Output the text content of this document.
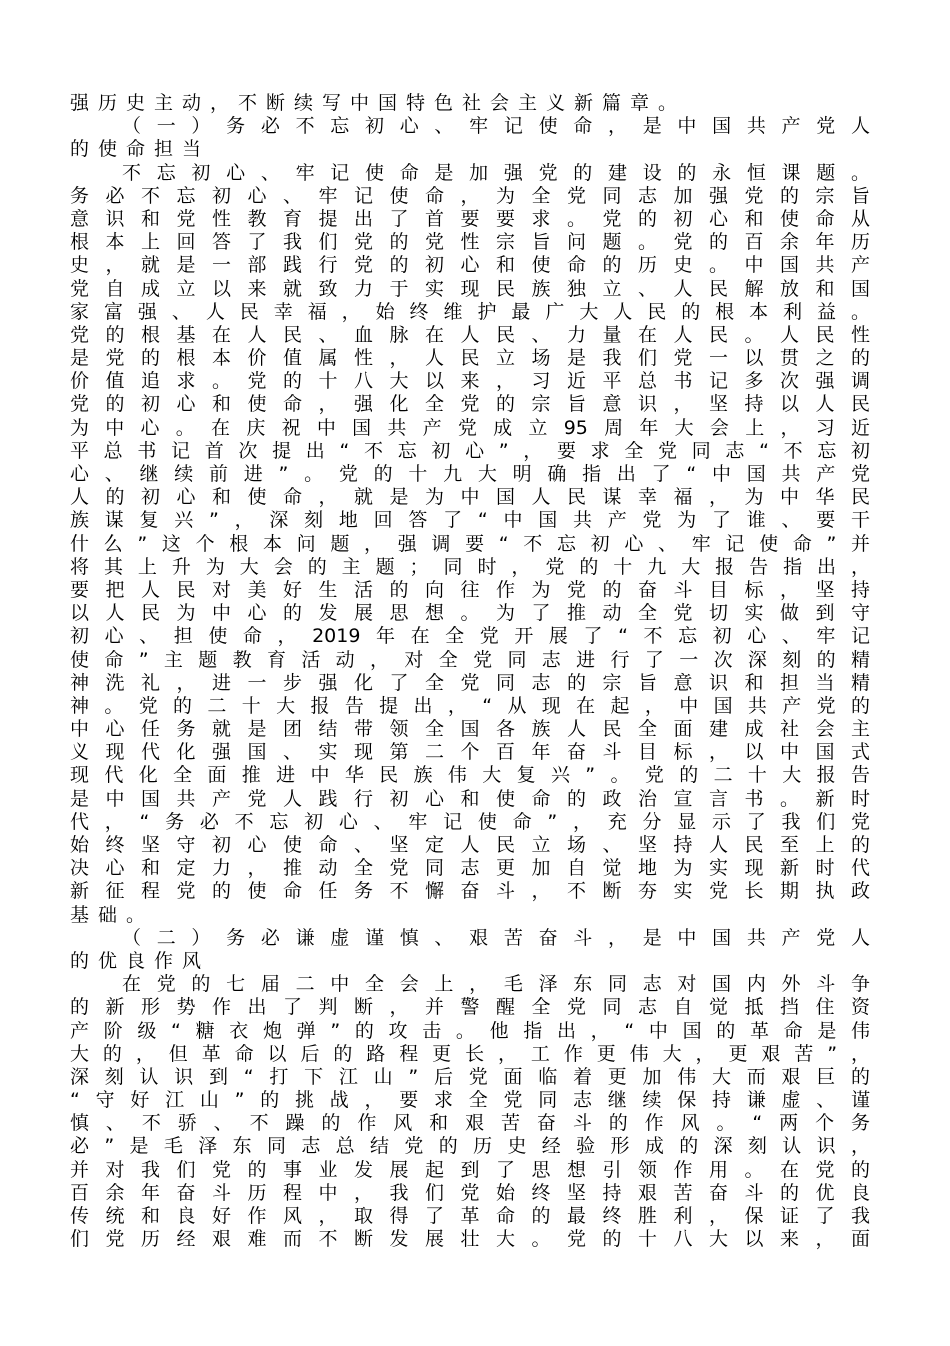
强历史主动，不断续写中国特色社会主义新篇章。
（一）务必不忘初心、牢记使命，是中国共产党人
的使命担当
不忘初心、牢记使命是加强党的建设的永恒课题。
务必不忘初心、牢记使命，为全党同志加强党的宗旨
意识和党性教育提出了首要要求。党的初心和使命从
根本上回答了我们党的党性宗旨问题。党的百余年历
史，就是一部践行党的初心和使命的历史。中国共产
党自成立以来就致力于实现民族独立、人民解放和国
家富强、人民幸福，始终维护最广大人民的根本利益。
党的根基在人民、血脉在人民、力量在人民。人民性
是党的根本价值属性，人民立场是我们党一以贯之的
价值追求。党的十八大以来，习近平总书记多次强调
党的初心和使命，强化全党的宗旨意识，坚持以人民
为中心。在庆祝中国共产党成立95周年大会上，习近
平总书记首次提出“不忘初心”，要求全党同志“不忘初
心、继续前进”。党的十九大明确指出了“中国共产党
人的初心和使命，就是为中国人民谋幸福，为中华民
族谋复兴”，深刻地回答了“中国共产党为了谁、要干
什么”这个根本问题，强调要“不忘初心、牢记使命”并
将其上升为大会的主题；同时，党的十九大报告指出，
要把人民对美好生活的向往作为党的奋斗目标，坚持
以人民为中心的发展思想。为了推动全党切实做到守
初心、担使命，2019年在全党开展了“不忘初心、牢记
使命”主题教育活动，对全党同志进行了一次深刻的精
神洗礼，进一步强化了全党同志的宗旨意识和担当精
神。党的二十大报告提出，“从现在起，中国共产党的
中心任务就是团结带领全国各族人民全面建成社会主
义现代化强国、实现第二个百年奋斗目标，以中国式
现代化全面推进中华民族伟大复兴”。党的二十大报告
是中国共产党人践行初心和使命的政治宣言书。新时
代，“务必不忘初心、牢记使命”，充分显示了我们党
始终坚守初心使命、坚定人民立场、坚持人民至上的
决心和定力，推动全党同志更加自觉地为实现新时代
新征程党的使命任务不懈奋斗，不断夯实党长期执政
基础。
（二）务必谦虚谨慎、艰苦奋斗，是中国共产党人
的优良作风
在党的七届二中全会上，毛泽东同志对国内外斗争
的新形势作出了判断，并警醒全党同志自觉抵挡住资
产阶级“糖衣炮弹”的攻击。他指出，“中国的革命是伟
大的，但革命以后的路程更长，工作更伟大，更艰苦”，
深刻认识到“打下江山”后党面临着更加伟大而艰巨的
“守好江山”的挑战，要求全党同志继续保持谦虚、谨
慎、不骄、不躁的作风和艰苦奋斗的作风。“两个务
必”是毛泽东同志总结党的历史经验形成的深刻认识，
并对我们党的事业发展起到了思想引领作用。在党的
百余年奋斗历程中，我们党始终坚持艰苦奋斗的优良
传统和良好作风，取得了革命的最终胜利，保证了我
们党历经艰难而不断发展壮大。党的十八大以来，面
